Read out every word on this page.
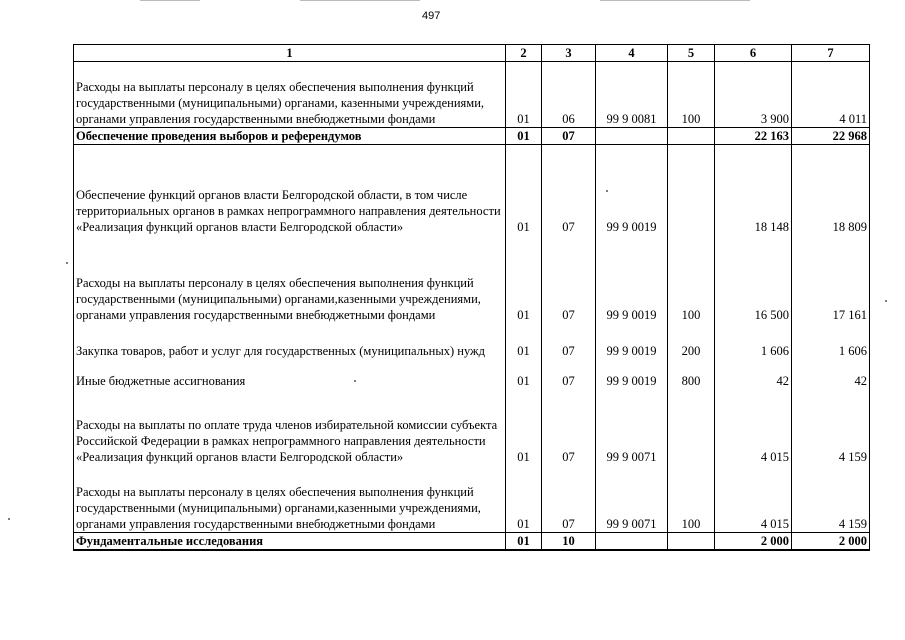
497
1	2	3	4	5	6	7
Расходы на выплаты персоналу в целях обеспечения выполнения функций государственными (муниципальными) органами, казенными учреждениями, органами управления государственными внебюджетными фондами	01	06	99 9 0081	100	3 900	4 011
Обеспечение проведения выборов и референдумов	01	07			22 163	22 968
Обеспечение функций органов власти Белгородской области, в том числе территориальных органов в рамках непрограммного направления деятельности «Реализация функций органов власти Белгородской области»	01	07	99 9 0019		18 148	18 809
Расходы на выплаты персоналу в целях обеспечения выполнения функций государственными (муниципальными) органами,казенными учреждениями, органами управления государственными внебюджетными фондами	01	07	99 9 0019	100	16 500	17 161
Закупка товаров, работ и услуг для государственных (муниципальных) нужд	01	07	99 9 0019	200	1 606	1 606
Иные бюджетные ассигнования	01	07	99 9 0019	800	42	42
Расходы на выплаты по оплате труда членов избирательной комиссии субъекта Российской Федерации в рамках непрограммного направления деятельности «Реализация функций органов власти Белгородской области»	01	07	99 9 0071		4 015	4 159
Расходы на выплаты персоналу в целях обеспечения выполнения функций государственными (муниципальными) органами,казенными учреждениями, органами управления государственными внебюджетными фондами	01	07	99 9 0071	100	4 015	4 159
Фундаментальные исследования	01	10			2 000	2 000
